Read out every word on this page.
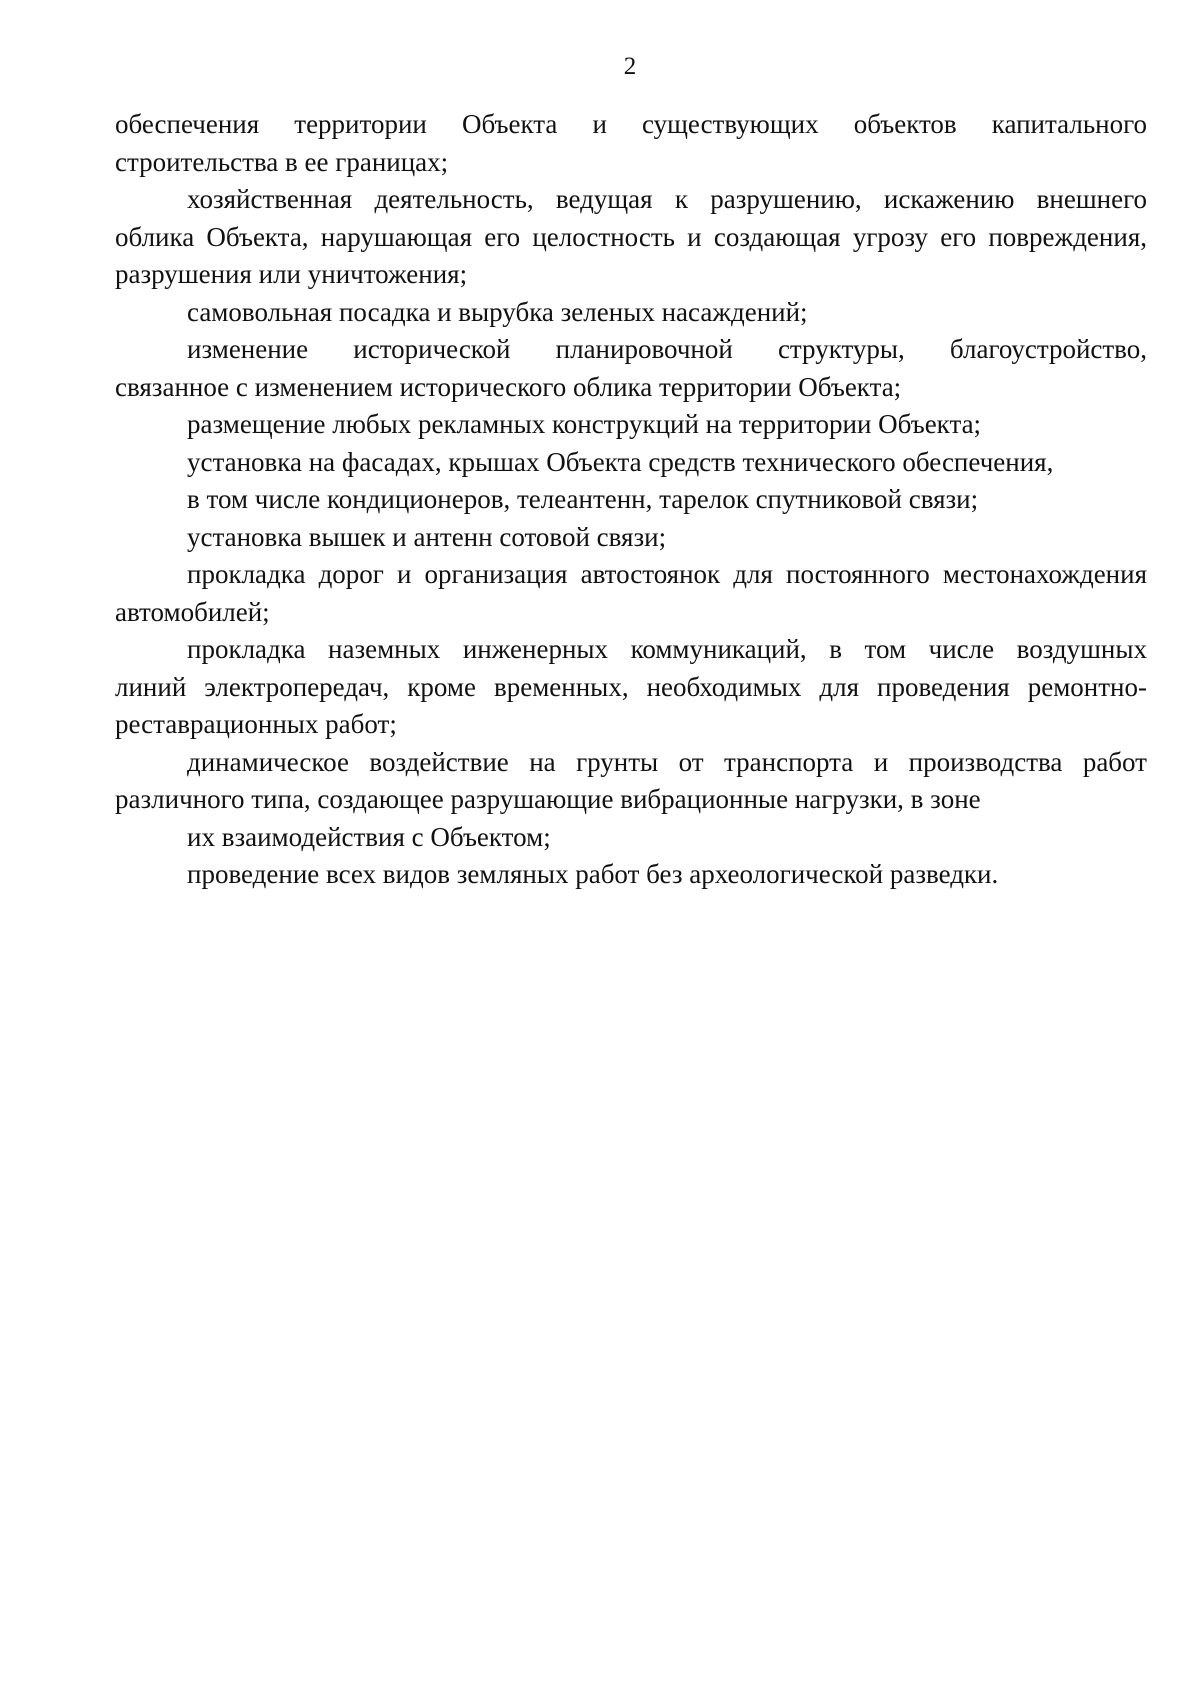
2

обеспечения территории Объекта и существующих объектов капитального
строительства в ее границах;

хозяйственная деятельность, ведущая к разрушению, искажению внешнего
облика Объекта, нарушающая его целостность и создающая угрозу его повреждения,
разрушения или уничтожения;

самовольная посадка и вырубка зеленых насаждений;

изменение исторической планировочной структуры, благоустройство,
связанное с изменением исторического облика территории Объекта;

размещение любых рекламных конструкций на территории Объекта;

установка на фасадах, крышах Объекта средств технического обеспечения,

в том числе кондиционеров, телеантенн, тарелок спутниковой связи;

установка вышек и антенн сотовой связи;

прокладка дорог и организация автостоянок для постоянного местонахождения
автомобилей;

прокладка наземных инженерных коммуникаций, в том числе воздушных
линий электропередач, кроме временных, необходимых для проведения ремонтно-
реставрационных работ;

динамическое воздействие на грунты от транспорта и производства работ
различного типа, создающее разрушающие вибрационные нагрузки, в зоне

их взаимодействия с Объектом;

проведение всех видов земляных работ без археологической разведки.
